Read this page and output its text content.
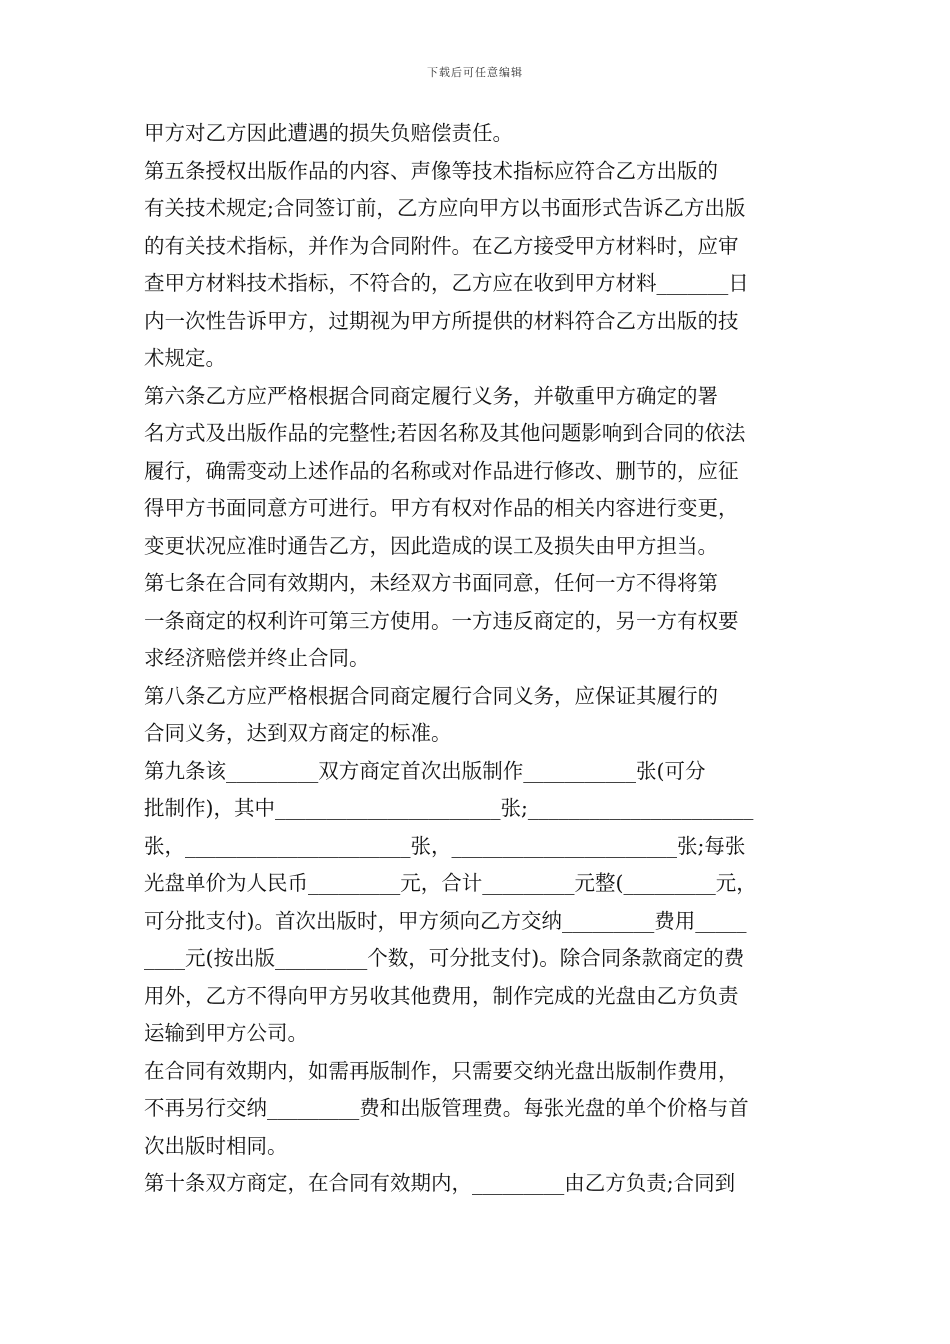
下载后可任意编辑
甲方对乙方因此遭遇的损失负赔偿责任。
第五条授权出版作品的内容、声像等技术指标应符合乙方出版的
有关技术规定;合同签订前，乙方应向甲方以书面形式告诉乙方出版
的有关技术指标，并作为合同附件。在乙方接受甲方材料时，应审
查甲方材料技术指标，不符合的，乙方应在收到甲方材料_______日
内一次性告诉甲方，过期视为甲方所提供的材料符合乙方出版的技
术规定。
第六条乙方应严格根据合同商定履行义务，并敬重甲方确定的署
名方式及出版作品的完整性;若因名称及其他问题影响到合同的依法
履行，确需变动上述作品的名称或对作品进行修改、删节的，应征
得甲方书面同意方可进行。甲方有权对作品的相关内容进行变更，
变更状况应准时通告乙方，因此造成的误工及损失由甲方担当。
第七条在合同有效期内，未经双方书面同意，任何一方不得将第
一条商定的权利许可第三方使用。一方违反商定的，另一方有权要
求经济赔偿并终止合同。
第八条乙方应严格根据合同商定履行合同义务，应保证其履行的
合同义务，达到双方商定的标准。
第九条该_________双方商定首次出版制作___________张(可分
批制作)，其中______________________张;______________________
张，______________________张，______________________张;每张
光盘单价为人民币_________元，合计_________元整(_________元，
可分批支付)。首次出版时，甲方须向乙方交纳_________费用_____
____元(按出版_________个数，可分批支付)。除合同条款商定的费
用外，乙方不得向甲方另收其他费用，制作完成的光盘由乙方负责
运输到甲方公司。
在合同有效期内，如需再版制作，只需要交纳光盘出版制作费用，
不再另行交纳_________费和出版管理费。每张光盘的单个价格与首
次出版时相同。
第十条双方商定，在合同有效期内，_________由乙方负责;合同到
